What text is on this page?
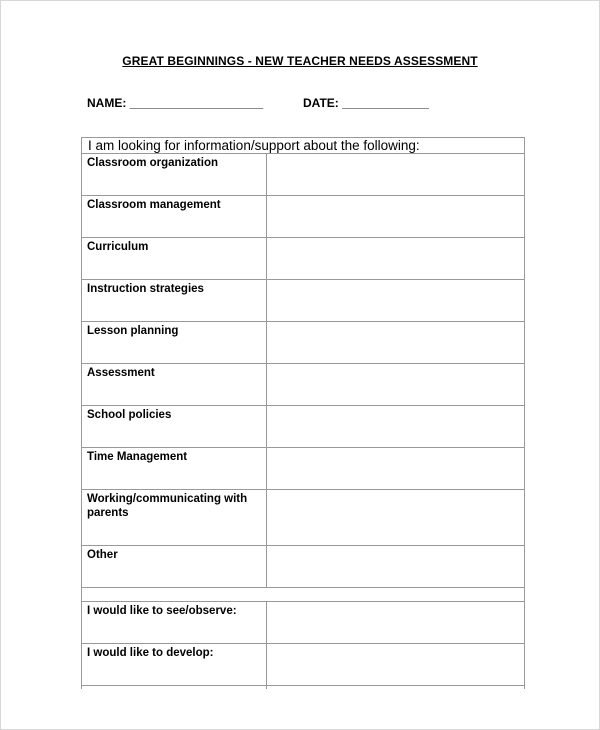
GREAT BEGINNINGS - NEW TEACHER NEEDS ASSESSMENT
NAME: ____________________	DATE: _____________
I am looking for information/support about the following:
Classroom organization
Classroom management
Curriculum
Instruction strategies
Lesson planning
Assessment
School policies
Time Management
Working/communicating with parents
Other
I would like to see/observe:
I would like to develop:
